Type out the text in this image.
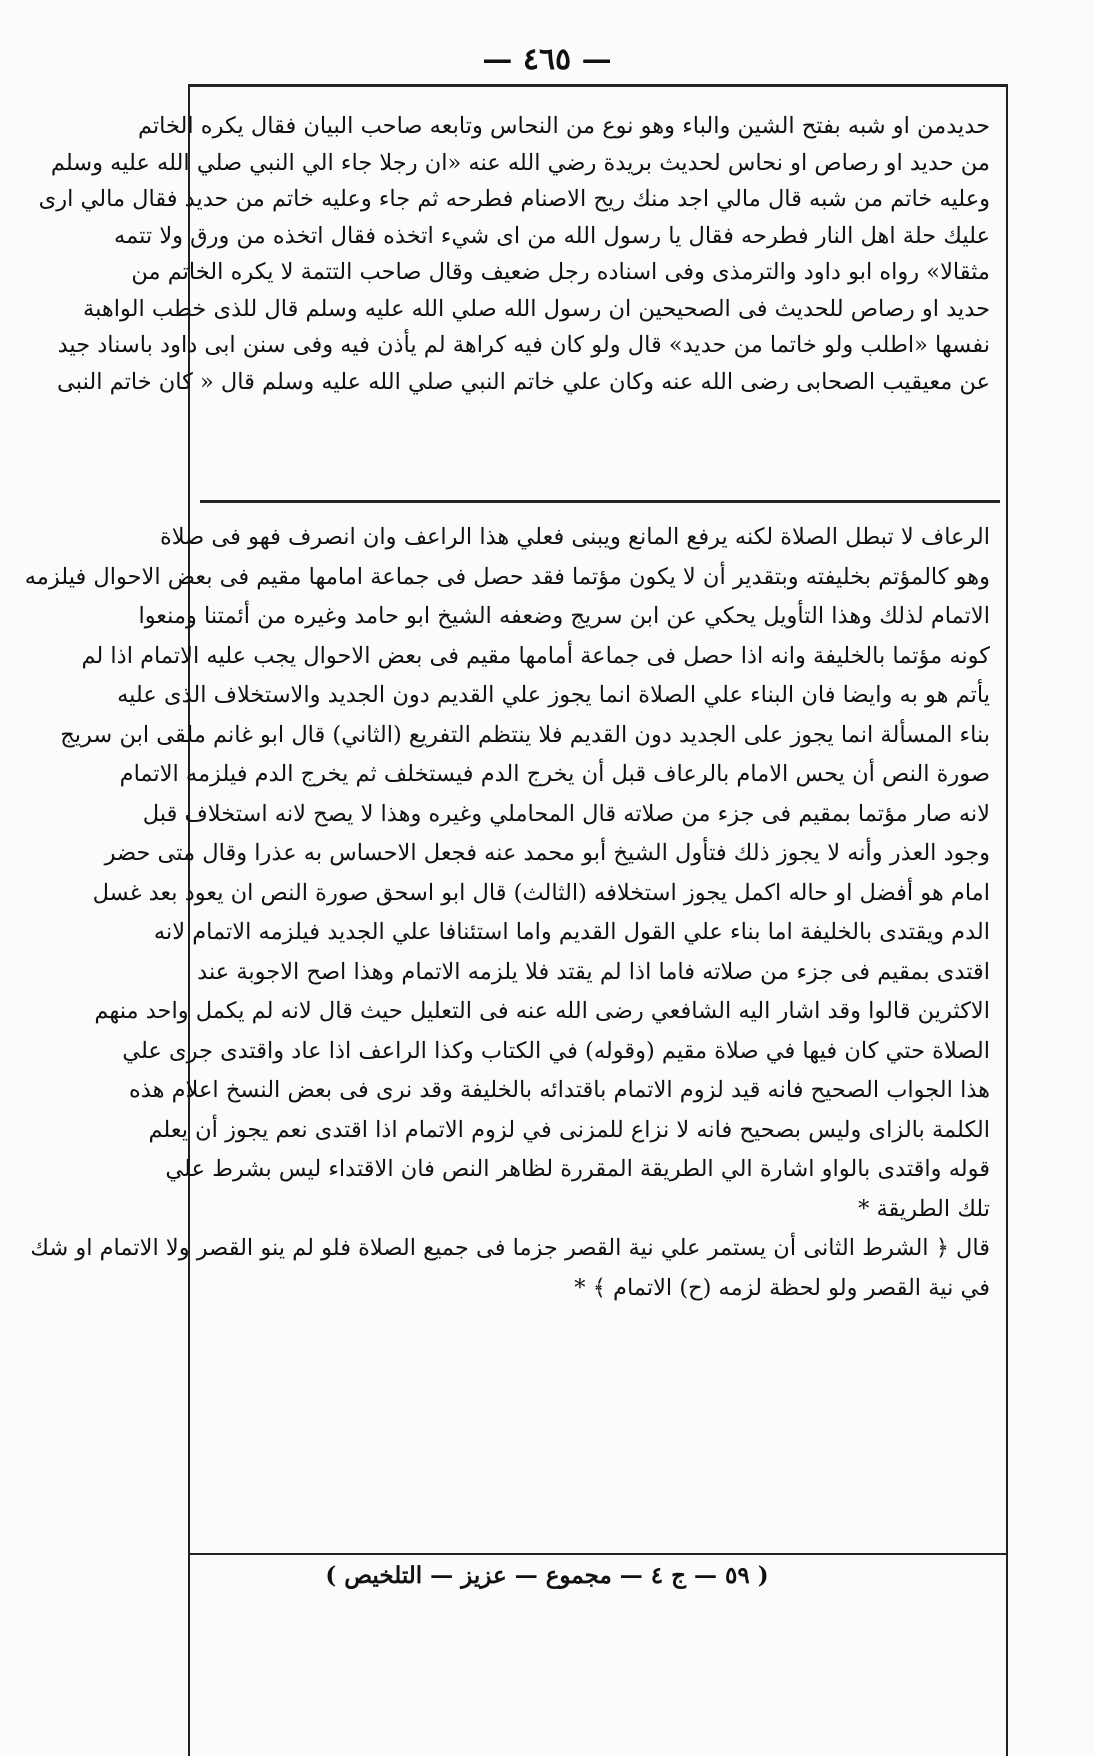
— ٤٦٥ —
حديدمن او شبه بفتح الشين والباء وهو نوع من النحاس وتابعه صاحب البيان فقال يكره الخاتم
من حديد او رصاص او نحاس لحديث بريدة رضي الله عنه «ان رجلا جاء الي النبي صلي الله عليه وسلم
وعليه خاتم من شبه قال مالي اجد منك ريح الاصنام فطرحه ثم جاء وعليه خاتم من حديد فقال مالي ارى
عليك حلة اهل النار فطرحه فقال يا رسول الله من اى شيء اتخذه فقال اتخذه من ورق ولا تتمه
مثقالا» رواه ابو داود والترمذى وفى اسناده رجل ضعيف وقال صاحب التتمة لا يكره الخاتم من
حديد او رصاص للحديث فى الصحيحين ان رسول الله صلي الله عليه وسلم قال للذى خطب الواهبة
نفسها «اطلب ولو خاتما من حديد» قال ولو كان فيه كراهة لم يأذن فيه وفى سنن ابى داود باسناد جيد
عن معيقيب الصحابى رضى الله عنه وكان علي خاتم النبي صلي الله عليه وسلم قال « كان خاتم النبى
الرعاف لا تبطل الصلاة لكنه يرفع المانع ويبنى فعلي هذا الراعف وان انصرف فهو فى صلاة
وهو كالمؤتم بخليفته وبتقدير أن لا يكون مؤتما فقد حصل فى جماعة امامها مقيم فى بعض الاحوال فيلزمه
الاتمام لذلك وهذا التأويل يحكي عن ابن سريج وضعفه الشيخ ابو حامد وغيره من أئمتنا ومنعوا
كونه مؤتما بالخليفة وانه اذا حصل فى جماعة أمامها مقيم فى بعض الاحوال يجب عليه الاتمام اذا لم
يأتم هو به وايضا فان البناء علي الصلاة انما يجوز علي القديم دون الجديد والاستخلاف الذى عليه
بناء المسألة انما يجوز على الجديد دون القديم فلا ينتظم التفريع (الثاني) قال ابو غانم ملقى ابن سريج
صورة النص أن يحس الامام بالرعاف قبل أن يخرج الدم فيستخلف ثم يخرج الدم فيلزمه الاتمام
لانه صار مؤتما بمقيم فى جزء من صلاته قال المحاملي وغيره وهذا لا يصح لانه استخلاف قبل
وجود العذر وأنه لا يجوز ذلك فتأول الشيخ أبو محمد عنه فجعل الاحساس به عذرا وقال متى حضر
امام هو أفضل او حاله اكمل يجوز استخلافه (الثالث) قال ابو اسحق صورة النص ان يعود بعد غسل
الدم ويقتدى بالخليفة اما بناء علي القول القديم واما استئنافا علي الجديد فيلزمه الاتمام لانه
اقتدى بمقيم فى جزء من صلاته فاما اذا لم يقتد فلا يلزمه الاتمام وهذا اصح الاجوبة عند
الاكثرين قالوا وقد اشار اليه الشافعي رضى الله عنه فى التعليل حيث قال لانه لم يكمل واحد منهم
الصلاة حتي كان فيها في صلاة مقيم (وقوله) في الكتاب وكذا الراعف اذا عاد واقتدى جرى علي
هذا الجواب الصحيح فانه قيد لزوم الاتمام باقتدائه بالخليفة وقد نرى فى بعض النسخ اعلام هذه
الكلمة بالزاى وليس بصحيح فانه لا نزاع للمزنى في لزوم الاتمام اذا اقتدى نعم يجوز أن يعلم
قوله واقتدى بالواو اشارة الي الطريقة المقررة لظاهر النص فان الاقتداء ليس بشرط علي
تلك الطريقة *
قال ﴿ الشرط الثانى أن يستمر علي نية القصر جزما فى جميع الصلاة فلو لم ينو القصر ولا الاتمام او شك
في نية القصر ولو لحظة لزمه (ح) الاتمام ﴾ *
( ٥٩ — ج ٤ — مجموع — عزيز — التلخيص )
